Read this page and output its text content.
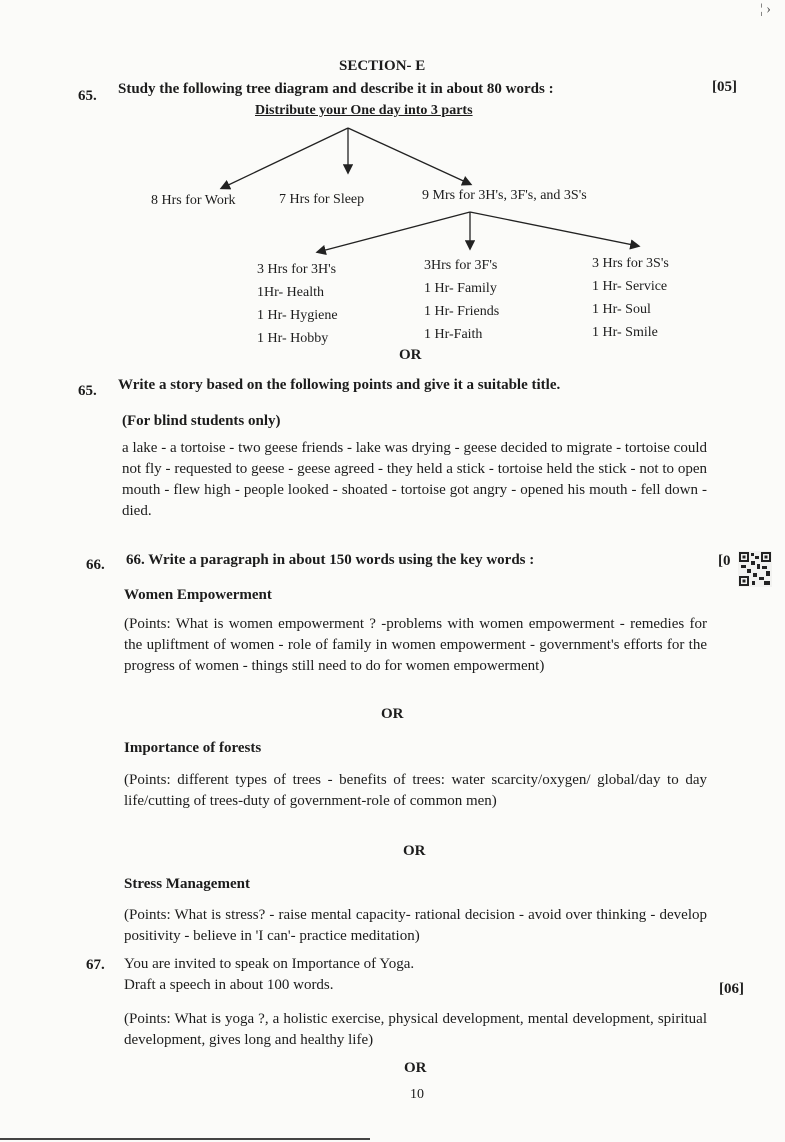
¦ ›
SECTION- E
65. Study the following tree diagram and describe it in about 80 words :	[05]
Distribute your One day into 3 parts
8 Hrs for Work	7 Hrs for Sleep	9 Mrs for 3H's, 3F's, and 3S's
3 Hrs for 3H's
1Hr- Health
1 Hr- Hygiene
1 Hr- Hobby
3Hrs for 3F's
1 Hr- Family
1 Hr- Friends
1 Hr-Faith
3 Hrs for 3S's
1 Hr- Service
1 Hr- Soul
1 Hr- Smile
OR
65. Write a story based on the following points and give it a suitable title.
(For blind students only)
a lake - a tortoise - two geese friends - lake was drying - geese decided to migrate - tortoise could not fly - requested to geese - geese agreed - they held a stick - tortoise held the stick - not to open mouth - flew high - people looked - shoated - tortoise got angry - opened his mouth - fell down - died.
66. 66. Write a paragraph in about 150 words using the key words :	[0
Women Empowerment
(Points: What is women empowerment ? -problems with women empowerment - remedies for the upliftment of women - role of family in women empowerment - government's efforts for the progress of women - things still need to do for women empowerment)
OR
Importance of forests
(Points: different types of trees - benefits of trees: water scarcity/oxygen/ global/day to day life/cutting of trees-duty of government-role of common men)
OR
Stress Management
(Points: What is stress? - raise mental capacity- rational decision - avoid over thinking - develop positivity - believe in 'I can'- practice meditation)
67. You are invited to speak on Importance of Yoga.
Draft a speech in about 100 words.	[06]
(Points: What is yoga ?, a holistic exercise, physical development, mental development, spiritual development, gives long and healthy life)
OR
10
